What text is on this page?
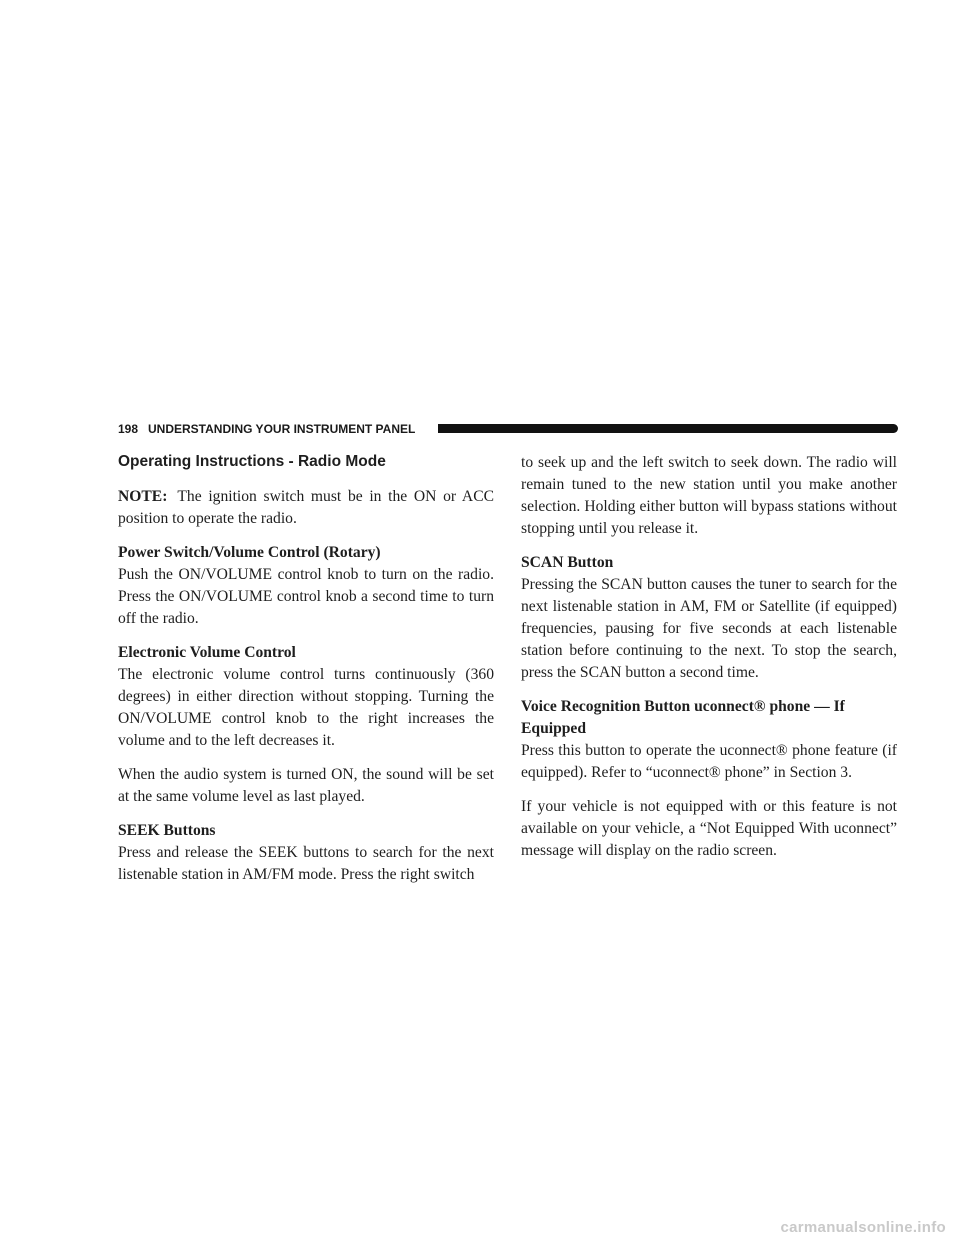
198 UNDERSTANDING YOUR INSTRUMENT PANEL
Operating Instructions - Radio Mode

NOTE: The ignition switch must be in the ON or ACC position to operate the radio.

Power Switch/Volume Control (Rotary)

Push the ON/VOLUME control knob to turn on the radio. Press the ON/VOLUME control knob a second time to turn off the radio.

Electronic Volume Control

The electronic volume control turns continuously (360 degrees) in either direction without stopping. Turning the ON/VOLUME control knob to the right increases the volume and to the left decreases it.

When the audio system is turned ON, the sound will be set at the same volume level as last played.

SEEK Buttons

Press and release the SEEK buttons to search for the next listenable station in AM/FM mode. Press the right switch

to seek up and the left switch to seek down. The radio will remain tuned to the new station until you make another selection. Holding either button will bypass stations without stopping until you release it.

SCAN Button

Pressing the SCAN button causes the tuner to search for the next listenable station in AM, FM or Satellite (if equipped) frequencies, pausing for five seconds at each listenable station before continuing to the next. To stop the search, press the SCAN button a second time.

Voice Recognition Button uconnect® phone — If Equipped

Press this button to operate the uconnect® phone feature (if equipped). Refer to “uconnect® phone” in Section 3.

If your vehicle is not equipped with or this feature is not available on your vehicle, a “Not Equipped With uconnect” message will display on the radio screen.

carmanualsonline.info
